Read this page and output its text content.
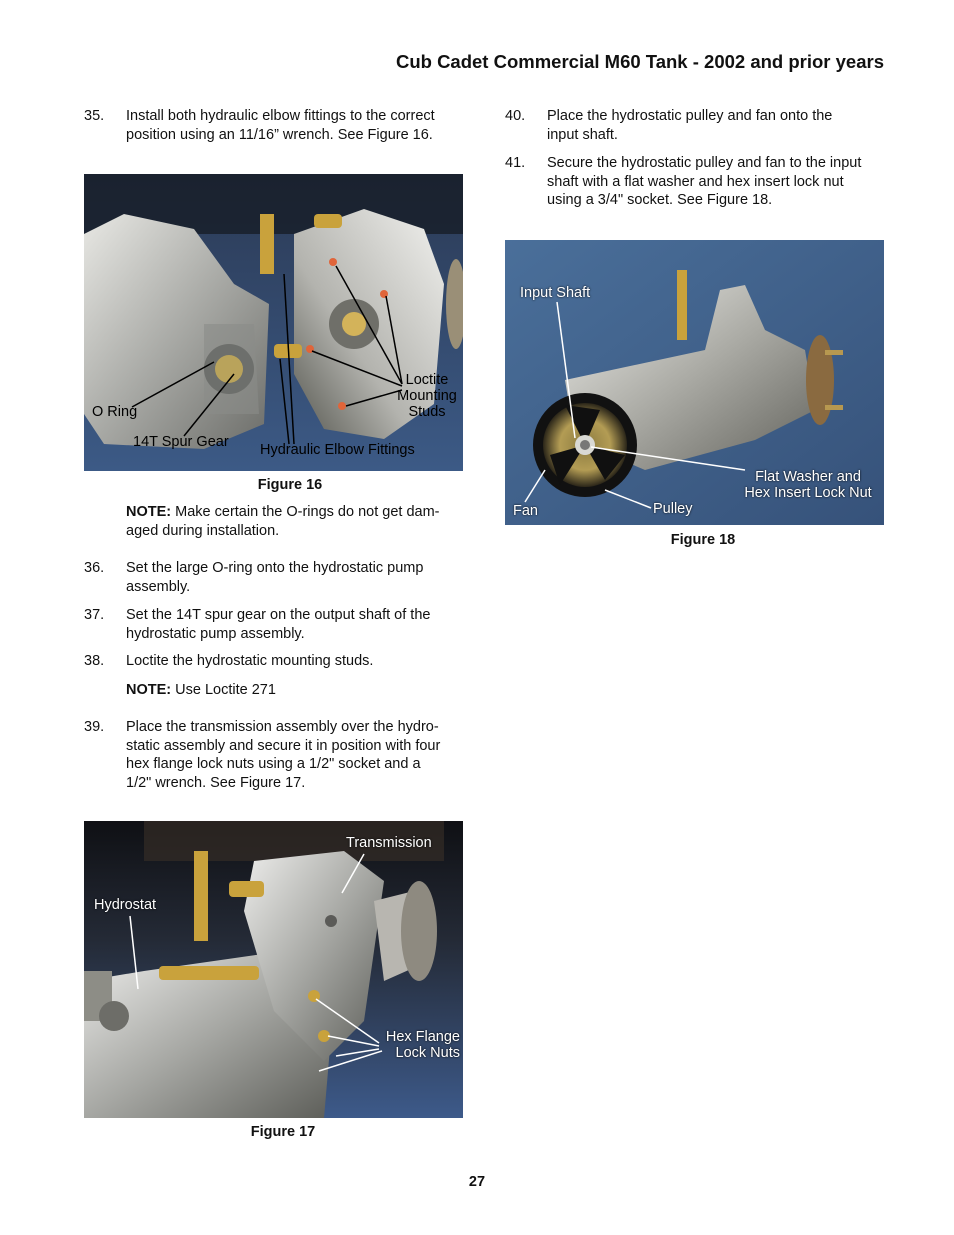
Cub Cadet Commercial M60 Tank - 2002 and prior years
35.	Install both hydraulic elbow fittings to the correct
position using an 11/16” wrench. See Figure 16.
O Ring
14T Spur Gear Hydraulic Elbow Fittings
Loctite
Mounting
Studs
Figure 16
NOTE: Make certain the O-rings do not get dam-
aged during installation.
36.	Set the large O-ring onto the hydrostatic pump
assembly.
37.	Set the 14T spur gear on the output shaft of the
hydrostatic pump assembly.
38.	Loctite the hydrostatic mounting studs.
NOTE: Use Loctite 271
39.	Place the transmission assembly over the hydro-
static assembly and secure it in position with four
hex flange lock nuts using a 1/2" socket and a
1/2" wrench. See Figure 17.
Transmission
Hydrostat
Hex Flange
Lock Nuts
Figure 17
40.	Place the hydrostatic pulley and fan onto the
input shaft.
41.	Secure the hydrostatic pulley and fan to the input
shaft with a flat washer and hex insert lock nut
using a 3/4" socket. See Figure 18.
Input Shaft
Fan	Pulley
Flat Washer and
Hex Insert Lock Nut
Figure 18
27
